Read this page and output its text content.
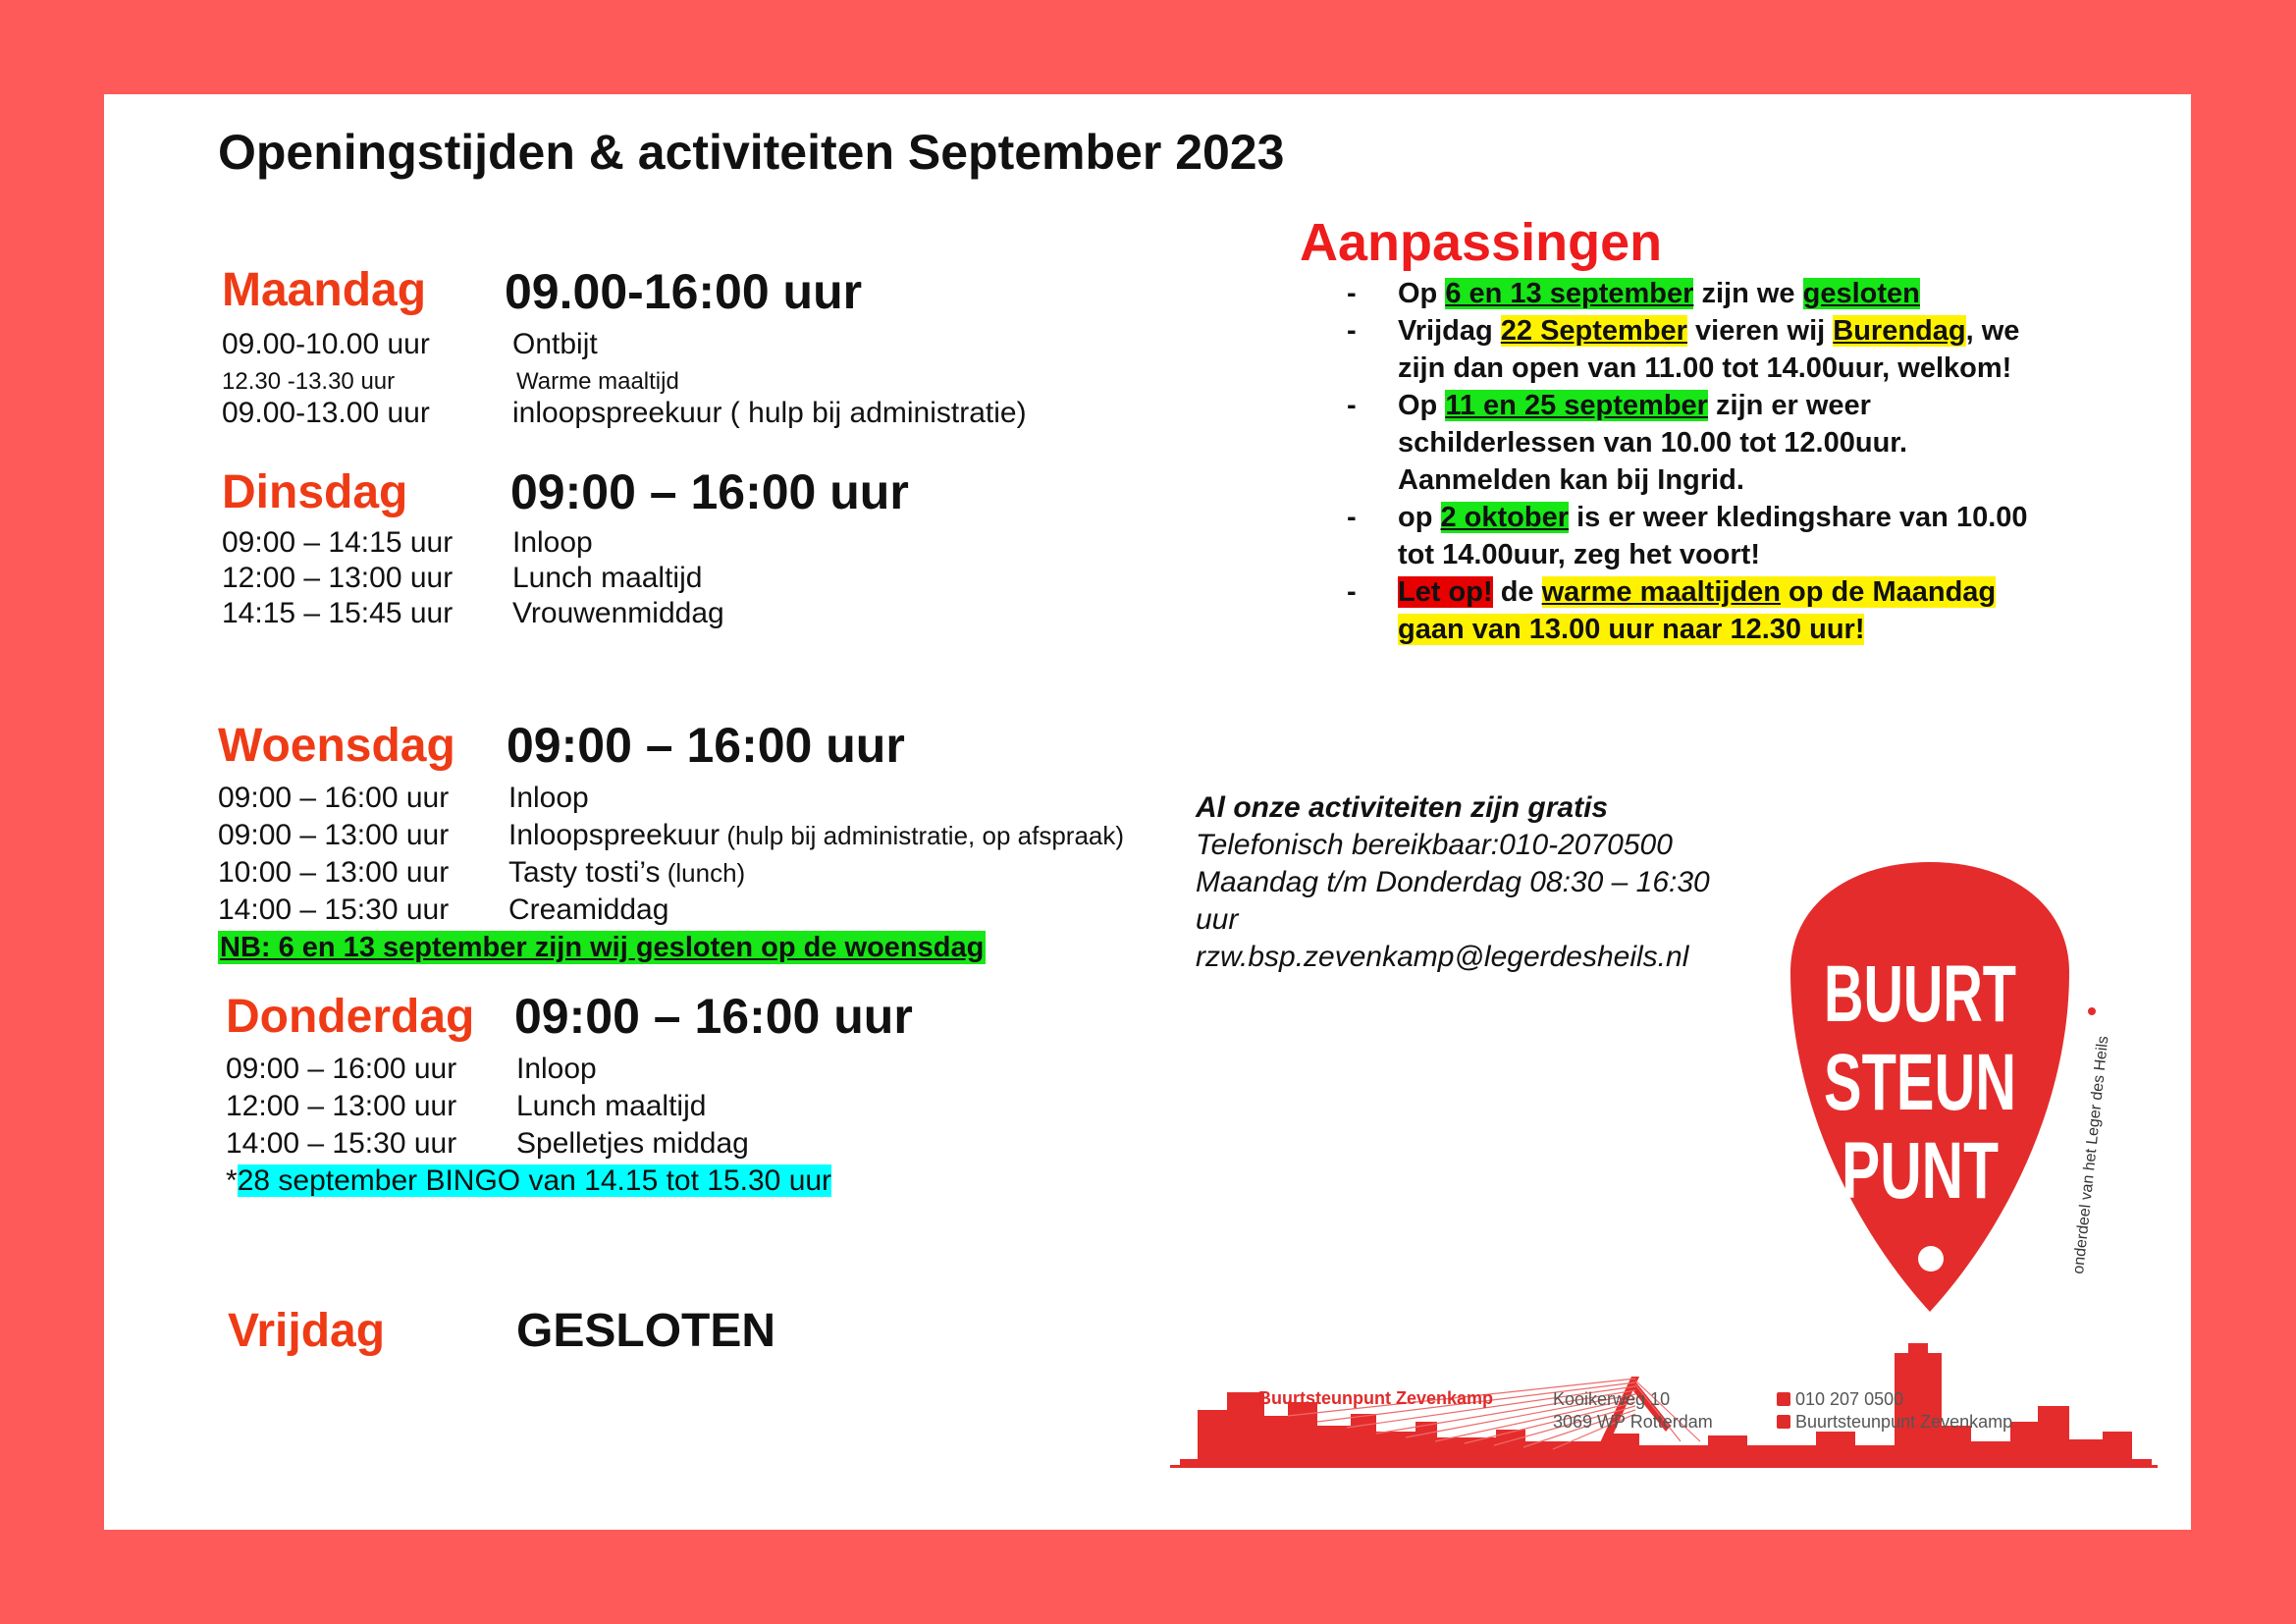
Openingstijden & activiteiten September 2023
Maandag 09.00-16:00 uur
09.00-10.00 uur	Ontbijt
12.30 -13.30 uur	Warme maaltijd
09.00-13.00 uur	inloopspreekuur ( hulp bij administratie)
Dinsdag 09:00 – 16:00 uur
09:00 – 14:15 uur Inloop
12:00 – 13:00 uur Lunch maaltijd
14:15 – 15:45 uur Vrouwenmiddag
Woensdag 09:00 – 16:00 uur
09:00 – 16:00 uur Inloop
09:00 – 13:00 uur Inloopspreekuur (hulp bij administratie, op afspraak)
10:00 – 13:00 uur Tasty tosti’s (lunch)
14:00 – 15:30 uur Creamiddag
NB: 6 en 13 september zijn wij gesloten op de woensdag
Donderdag 09:00 – 16:00 uur
09:00 – 16:00 uur Inloop
12:00 – 13:00 uur Lunch maaltijd
14:00 – 15:30 uur Spelletjes middag
*28 september BINGO van 14.15 tot 15.30 uur
Vrijdag	GESLOTEN
Aanpassingen
- Op 6 en 13 september zijn we gesloten
- Vrijdag 22 September vieren wij Burendag, we
zijn dan open van 11.00 tot 14.00uur, welkom!
- Op 11 en 25 september zijn er weer
schilderlessen van 10.00 tot 12.00uur.
Aanmelden kan bij Ingrid.
- op 2 oktober is er weer kledingshare van 10.00
tot 14.00uur, zeg het voort!
- Let op! de warme maaltijden op de Maandag
gaan van 13.00 uur naar 12.30 uur!
Al onze activiteiten zijn gratis
Telefonisch bereikbaar:010-2070500
Maandag t/m Donderdag 08:30 – 16:30
uur
rzw.bsp.zevenkamp@legerdesheils.nl BUURT
STEUN
PUNT	onderdeel van het Leger des Heils
Buurtsteunpunt Zevenkamp	Kooikerweg 10
3069 WP Rotterdam
010 207 0500
Buurtsteunpunt Zevenkamp
